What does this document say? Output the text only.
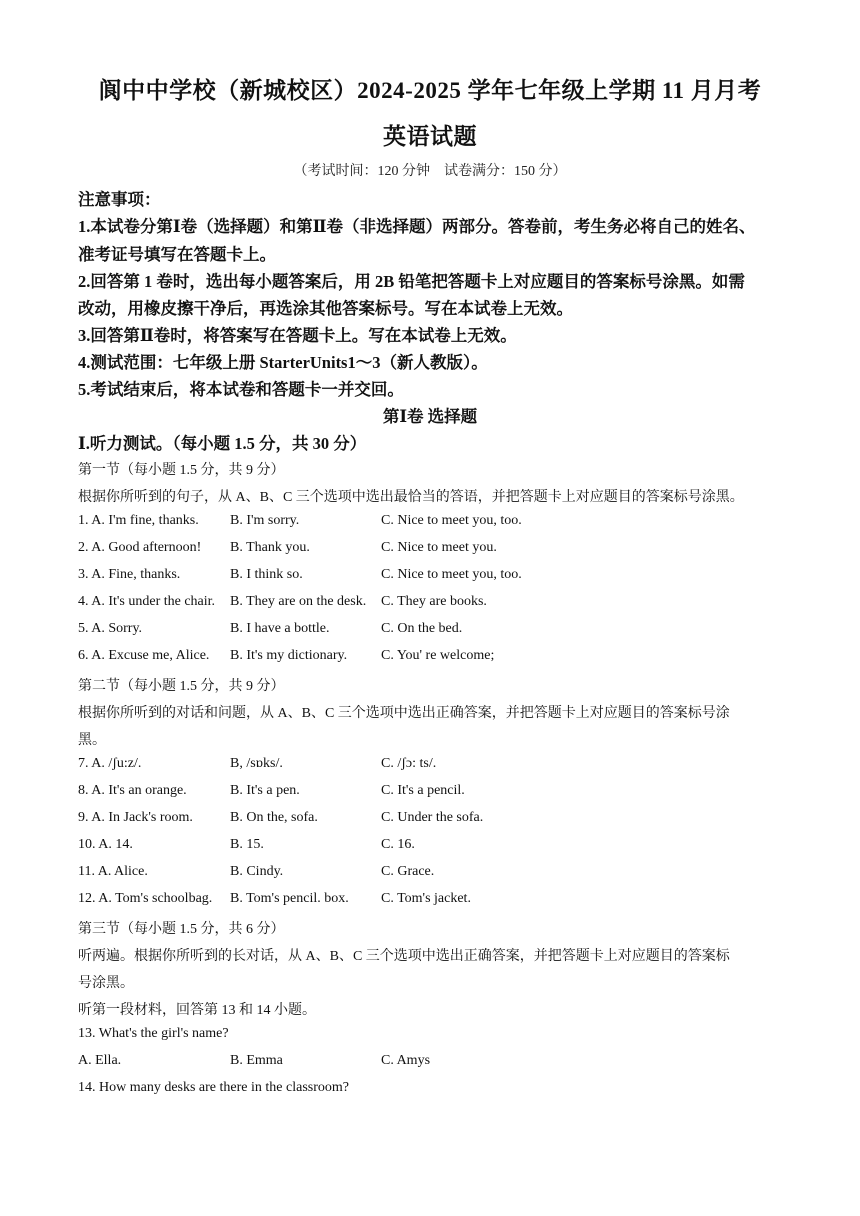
阆中中学校（新城校区）2024-2025 学年七年级上学期 11 月月考
英语试题
（考试时间：120 分钟　试卷满分：150 分）
注意事项：
1.本试卷分第Ⅰ卷（选择题）和第Ⅱ卷（非选择题）两部分。答卷前，考生务必将自己的姓名、
准考证号填写在答题卡上。
2.回答第 1 卷时，选出每小题答案后，用 2B 铅笔把答题卡上对应题目的答案标号涂黑。如需
改动，用橡皮擦干净后，再选涂其他答案标号。写在本试卷上无效。
3.回答第Ⅱ卷时，将答案写在答题卡上。写在本试卷上无效。
4.测试范围：七年级上册 StarterUnits1～3（新人教版）。
5.考试结束后，将本试卷和答题卡一并交回。
第Ⅰ卷 选择题
Ⅰ.听力测试。（每小题 1.5 分，共 30 分）
第一节（每小题 1.5 分，共 9 分）
根据你所听到的句子，从 A、B、C 三个选项中选出最恰当的答语，并把答题卡上对应题目的答案标号涂黑。
1. A. I'm fine, thanks. B. I'm sorry.	C. Nice to meet you, too.
2. A. Good afternoon! B. Thank you.	C. Nice to meet you.
3. A. Fine, thanks.	B. I think so.	C. Nice to meet you, too.
4. A. It's under the chair. B. They are on the desk. C. They are books.
5. A. Sorry.	B. I have a bottle.	C. On the bed.
6. A. Excuse me, Alice. B. It's my dictionary. C. You' re welcome;
第二节（每小题 1.5 分，共 9 分）
根据你所听到的对话和问题，从 A、B、C 三个选项中选出正确答案，并把答题卡上对应题目的答案标号涂
黑。
7. A. /ʃu:z/.	B, /sɒks/.	C. /ʃɔ: ts/.
8. A. It's an orange.	B. It's a pen.	C. It's a pencil.
9. A. In Jack's room.	B. On the, sofa.	C. Under the sofa.
10. A. 14.	B. 15.	C. 16.
11. A. Alice.	B. Cindy.	C. Grace.
12. A. Tom's schoolbag. B. Tom's pencil. box. C. Tom's jacket.
第三节（每小题 1.5 分，共 6 分）
听两遍。根据你所听到的长对话，从 A、B、C 三个选项中选出正确答案，并把答题卡上对应题目的答案标
号涂黑。
听第一段材料，回答第 13 和 14 小题。
13. What's the girl's name?
A. Ella.	B. Emma	C. Amys
14. How many desks are there in the classroom?
